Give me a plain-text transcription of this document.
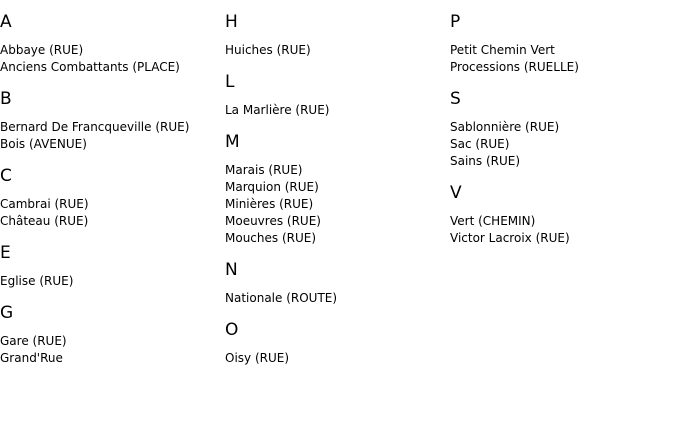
A
Abbaye (RUE)
Anciens Combattants (PLACE)
B
Bernard De Francqueville (RUE)
Bois (AVENUE)
C
Cambrai (RUE)
Château (RUE)
E
Eglise (RUE)
G
Gare (RUE)
Grand'Rue
H
Huiches (RUE)
L
La Marlière (RUE)
M
Marais (RUE)
Marquion (RUE)
Minières (RUE)
Moeuvres (RUE)
Mouches (RUE)
N
Nationale (ROUTE)
O
Oisy (RUE)
P
Petit Chemin Vert
Processions (RUELLE)
S
Sablonnière (RUE)
Sac (RUE)
Sains (RUE)
V
Vert (CHEMIN)
Victor Lacroix (RUE)
